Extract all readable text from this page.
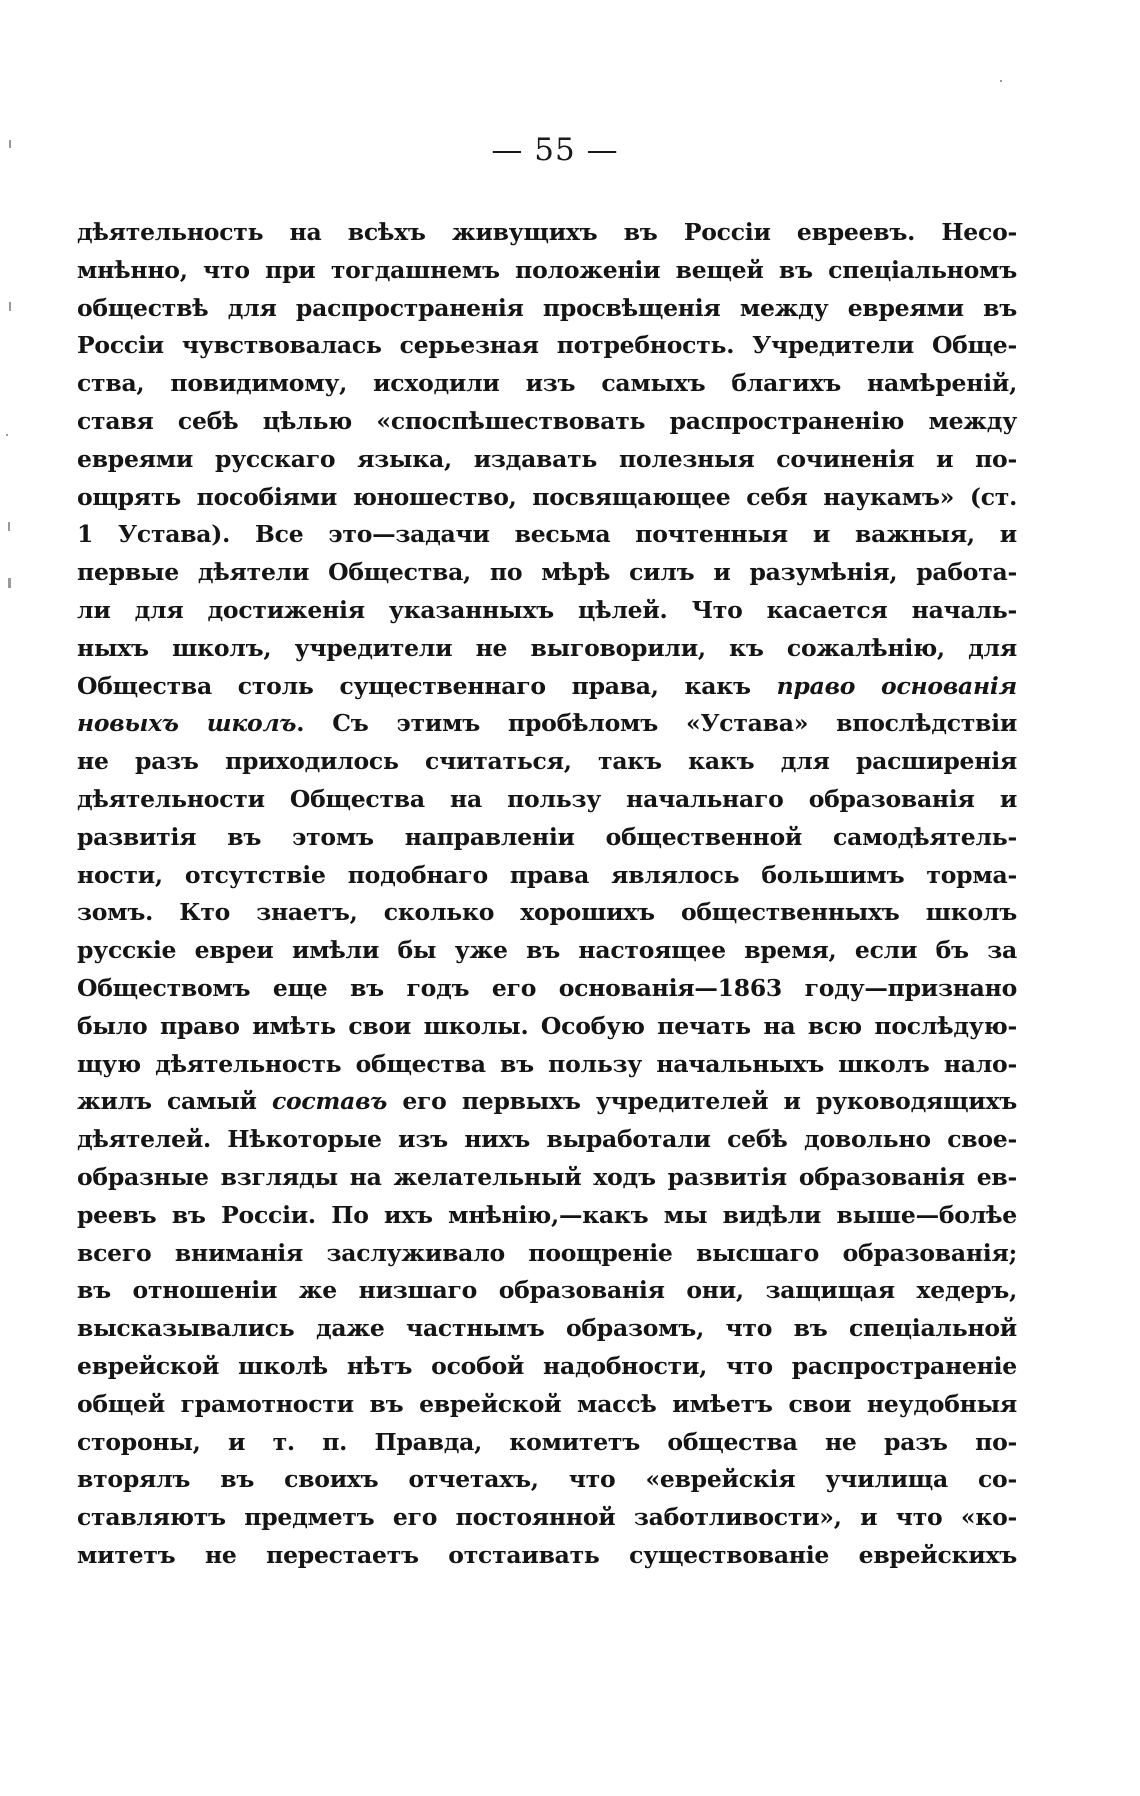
— 55 —
дѣятельность на всѣхъ живущихъ въ Россіи евреевъ. Несо-
мнѣнно, что при тогдашнемъ положеніи вещей въ спеціальномъ
обществѣ для распространенія просвѣщенія между евреями въ
Россіи чувствовалась серьезная потребность. Учредители Обще-
ства, повидимому, исходили изъ самыхъ благихъ намѣреній,
ставя себѣ цѣлью «споспѣшествовать распространенію между
евреями русскаго языка, издавать полезныя сочиненія и по-
ощрять пособіями юношество, посвящающее себя наукамъ» (ст.
1 Устава). Все это—задачи весьма почтенныя и важныя, и
первые дѣятели Общества, по мѣрѣ силъ и разумѣнія, работа-
ли для достиженія указанныхъ цѣлей. Что касается началь-
ныхъ школъ, учредители не выговорили, къ сожалѣнію, для
Общества столь существеннаго права, какъ право основанія
новыхъ школъ. Съ этимъ пробѣломъ «Устава» впослѣдствіи
не разъ приходилось считаться, такъ какъ для расширенія
дѣятельности Общества на пользу начальнаго образованія и
развитія въ этомъ направленіи общественной самодѣятель-
ности, отсутствіе подобнаго права являлось большимъ торма-
зомъ. Кто знаетъ, сколько хорошихъ общественныхъ школъ
русскіе евреи имѣли бы уже въ настоящее время, если бъ за
Обществомъ еще въ годъ его основанія—1863 году—признано
было право имѣть свои школы. Особую печать на всю послѣдую-
щую дѣятельность общества въ пользу начальныхъ школъ нало-
жилъ самый составъ его первыхъ учредителей и руководящихъ
дѣятелей. Нѣкоторые изъ нихъ выработали себѣ довольно свое-
образные взгляды на желательный ходъ развитія образованія ев-
реевъ въ Россіи. По ихъ мнѣнію,—какъ мы видѣли выше—болѣе
всего вниманія заслуживало поощреніе высшаго образованія;
въ отношеніи же низшаго образованія они, защищая хедеръ,
высказывались даже частнымъ образомъ, что въ спеціальной
еврейской школѣ нѣтъ особой надобности, что распространеніе
общей грамотности въ еврейской массѣ имѣетъ свои неудобныя
стороны, и т. п. Правда, комитетъ общества не разъ по-
вторялъ въ своихъ отчетахъ, что «еврейскія училища со-
ставляютъ предметъ его постоянной заботливости», и что «ко-
митетъ не перестаетъ отстаивать существованіе еврейскихъ
